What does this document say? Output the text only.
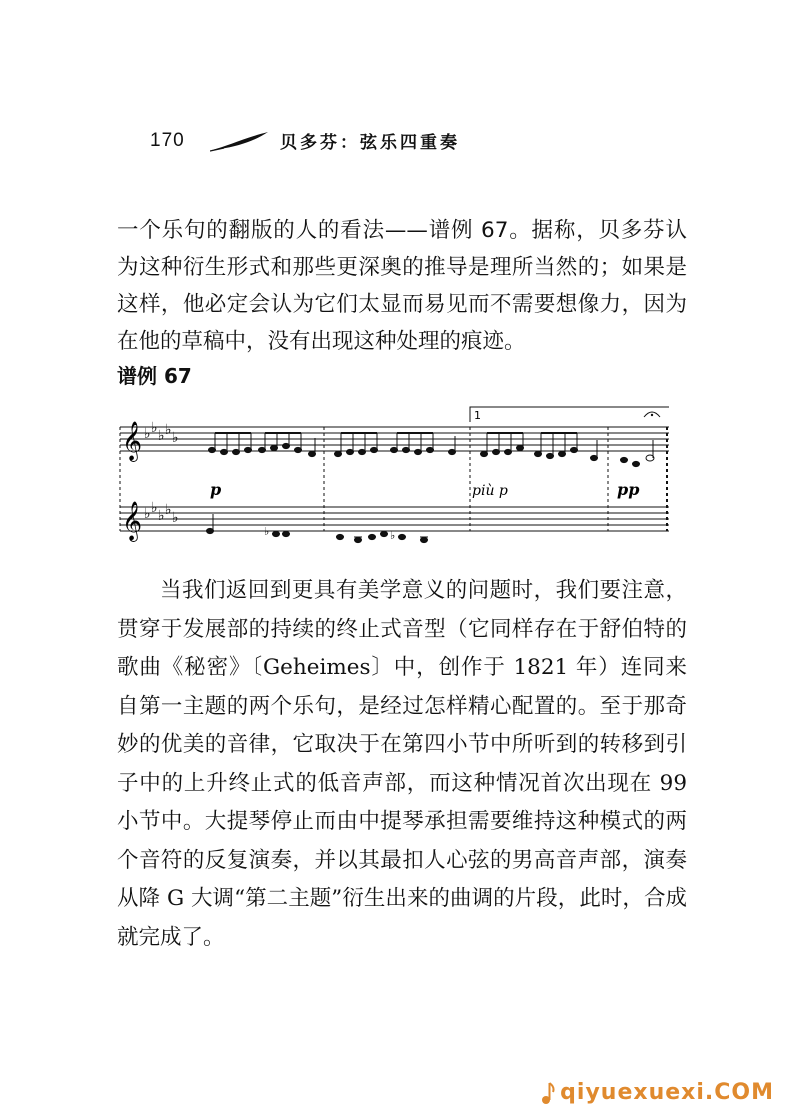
170	贝多芬：弦乐四重奏

一个乐句的翻版的人的看法——谱例 67。据称，贝多芬认为这种衍生形式和那些更深奥的推导是理所当然的；如果是这样，他必定会认为它们太显而易见而不需要想像力，因为在他的草稿中，没有出现这种处理的痕迹。

谱例 67

𝄞
𝄞
♭ ♭ ♭ ♭ ♭
♭ ♭ ♭ ♭ ♭
1
p	più p	pp
♭	♭

当我们返回到更具有美学意义的问题时，我们要注意，贯穿于发展部的持续的终止式音型（它同样存在于舒伯特的歌曲《秘密》〔Geheimes〕中，创作于 1821 年）连同来自第一主题的两个乐句，是经过怎样精心配置的。至于那奇妙的优美的音律，它取决于在第四小节中所听到的转移到引子中的上升终止式的低音声部，而这种情况首次出现在 99 小节中。大提琴停止而由中提琴承担需要维持这种模式的两个音符的反复演奏，并以其最扣人心弦的男高音声部，演奏从降 G 大调“第二主题”衍生出来的曲调的片段，此时，合成就完成了。

qiyuexuexi.COM
